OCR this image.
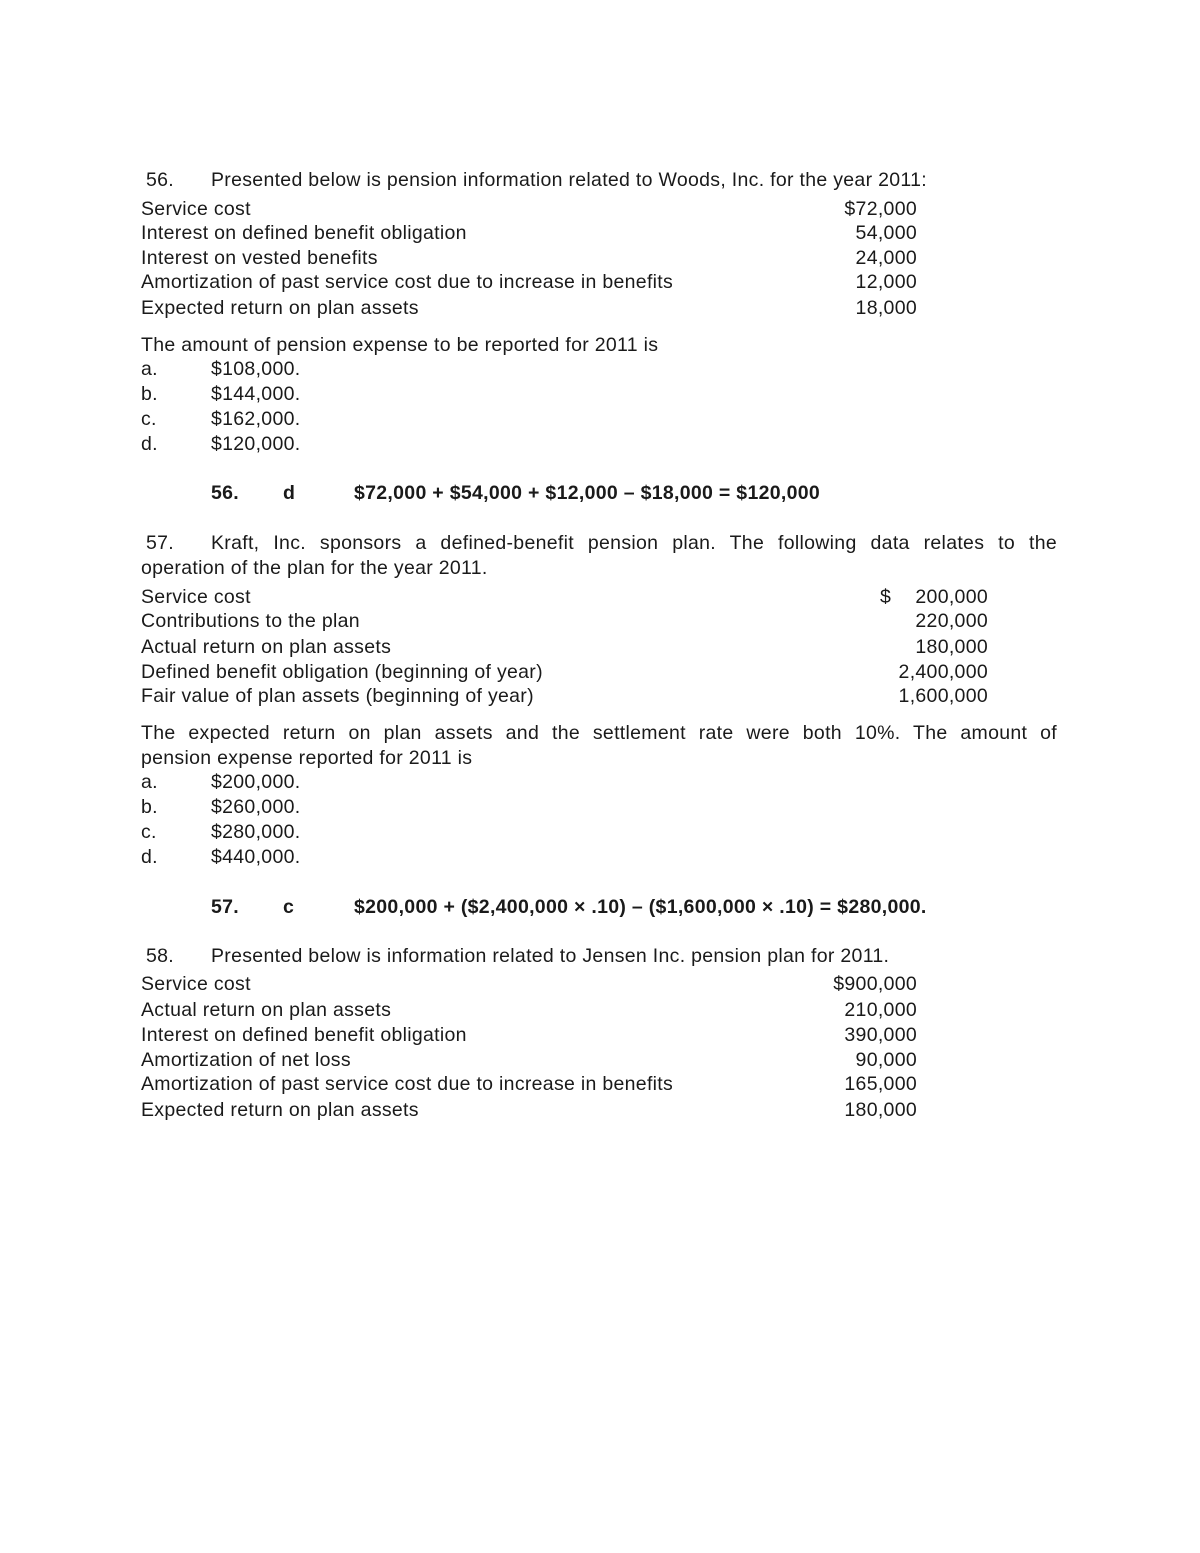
56. Presented below is pension information related to Woods, Inc. for the year 2011:
Service cost	$72,000
Interest on defined benefit obligation	54,000
Interest on vested benefits	24,000
Amortization of past service cost due to increase in benefits	12,000
Expected return on plan assets	18,000
The amount of pension expense to be reported for 2011 is
a.	$108,000.
b.	$144,000.
c.	$162,000.
d.	$120,000.
56. d	$72,000 + $54,000 + $12,000 – $18,000 = $120,000
57. Kraft, Inc. sponsors a defined-benefit pension plan. The following data relates to the
operation of the plan for the year 2011.
Service cost	$ 200,000
Contributions to the plan	220,000
Actual return on plan assets	180,000
Defined benefit obligation (beginning of year)	2,400,000
Fair value of plan assets (beginning of year)	1,600,000
The expected return on plan assets and the settlement rate were both 10%. The amount of
pension expense reported for 2011 is
a.	$200,000.
b.	$260,000.
c.	$280,000.
d.	$440,000.
57. c	$200,000 + ($2,400,000 × .10) – ($1,600,000 × .10) = $280,000.
58. Presented below is information related to Jensen Inc. pension plan for 2011.
Service cost	$900,000
Actual return on plan assets	210,000
Interest on defined benefit obligation	390,000
Amortization of net loss	90,000
Amortization of past service cost due to increase in benefits	165,000
Expected return on plan assets	180,000
